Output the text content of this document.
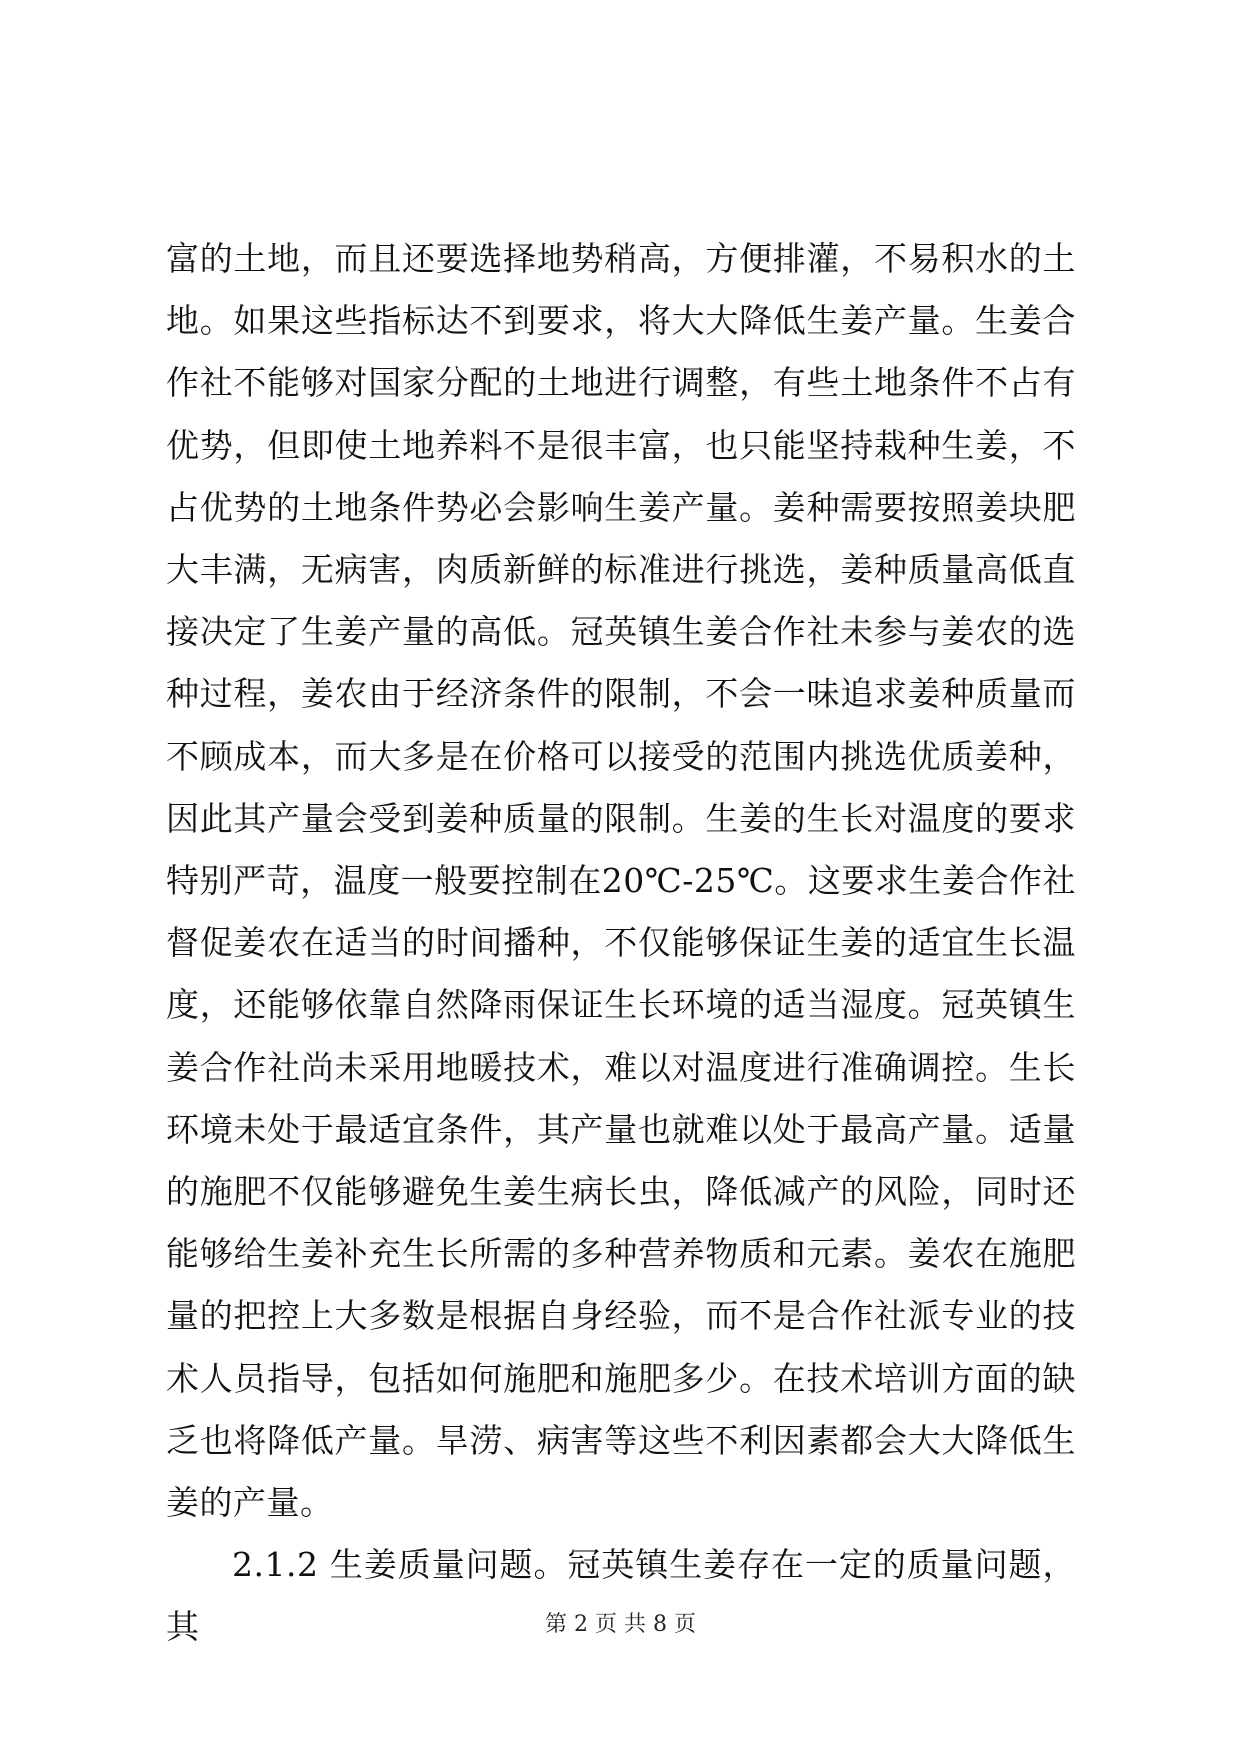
富的土地，而且还要选择地势稍高，方便排灌，不易积水的土地。如果这些指标达不到要求，将大大降低生姜产量。生姜合作社不能够对国家分配的土地进行调整，有些土地条件不占有优势，但即使土地养料不是很丰富，也只能坚持栽种生姜，不占优势的土地条件势必会影响生姜产量。姜种需要按照姜块肥大丰满，无病害，肉质新鲜的标准进行挑选，姜种质量高低直接决定了生姜产量的高低。冠英镇生姜合作社未参与姜农的选种过程，姜农由于经济条件的限制，不会一味追求姜种质量而不顾成本，而大多是在价格可以接受的范围内挑选优质姜种，因此其产量会受到姜种质量的限制。生姜的生长对温度的要求特别严苛，温度一般要控制在20℃-25℃。这要求生姜合作社督促姜农在适当的时间播种，不仅能够保证生姜的适宜生长温度，还能够依靠自然降雨保证生长环境的适当湿度。冠英镇生姜合作社尚未采用地暖技术，难以对温度进行准确调控。生长环境未处于最适宜条件，其产量也就难以处于最高产量。适量的施肥不仅能够避免生姜生病长虫，降低减产的风险，同时还能够给生姜补充生长所需的多种营养物质和元素。姜农在施肥量的把控上大多数是根据自身经验，而不是合作社派专业的技术人员指导，包括如何施肥和施肥多少。在技术培训方面的缺乏也将降低产量。旱涝、病害等这些不利因素都会大大降低生姜的产量。

2.1.2 生姜质量问题。冠英镇生姜存在一定的质量问题，其	第 2 页 共 8 页
